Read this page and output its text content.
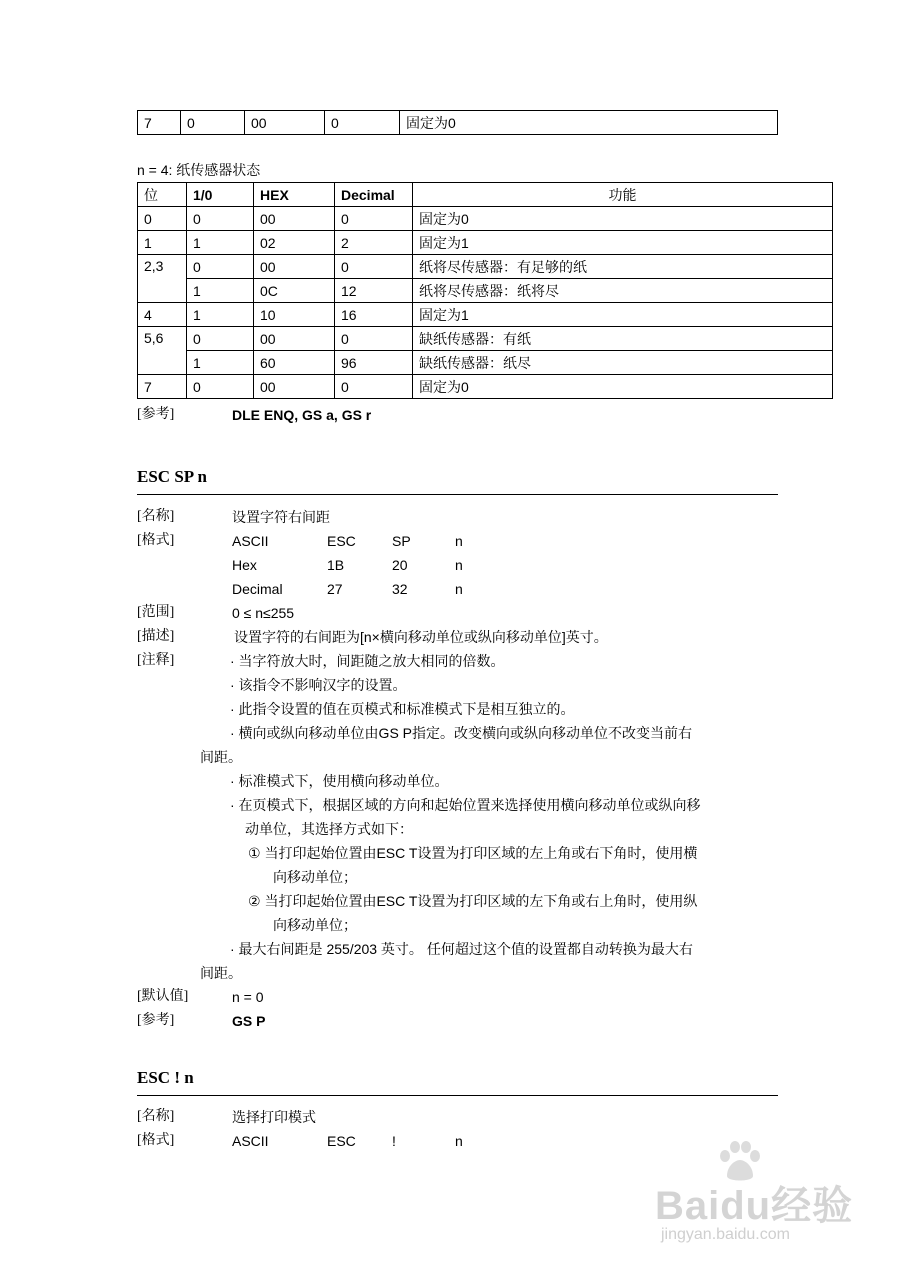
7	0	00	0	固定为0
n = 4: 纸传感器状态
位	1/0	HEX	Decimal	功能
0	0	00	0	固定为0
1	1	02	2	固定为1
2,3	0	00	0	纸将尽传感器：有足够的纸
	1	0C	12	纸将尽传感器：纸将尽
4	1	10	16	固定为1
5,6	0	00	0	缺纸传感器：有纸
	1	60	96	缺纸传感器：纸尽
7	0	00	0	固定为0
[参考]	DLE ENQ, GS a, GS r
ESC SP n
[名称]	设置字符右间距
[格式]	ASCII	ESC	SP	n
Hex	1B	20	n
Decimal	27	32	n
[范围]	0 ≤ n≤255
[描述]	设置字符的右间距为[n×横向移动单位或纵向移动单位]英寸。
[注释]	· 当字符放大时，间距随之放大相同的倍数。
· 该指令不影响汉字的设置。
· 此指令设置的值在页模式和标准模式下是相互独立的。
· 横向或纵向移动单位由GS P指定。改变横向或纵向移动单位不改变当前右
间距。
· 标准模式下，使用横向移动单位。
· 在页模式下，根据区域的方向和起始位置来选择使用横向移动单位或纵向移
动单位，其选择方式如下：
① 当打印起始位置由ESC T设置为打印区域的左上角或右下角时，使用横
向移动单位；
② 当打印起始位置由ESC T设置为打印区域的左下角或右上角时，使用纵
向移动单位；
· 最大右间距是 255/203 英寸。 任何超过这个值的设置都自动转换为最大右
间距。
[默认值]	n = 0
[参考]	GS P
ESC ! n
[名称]	选择打印模式
[格式]	ASCII	ESC	!	n
Baidu经验
jingyan.baidu.com
